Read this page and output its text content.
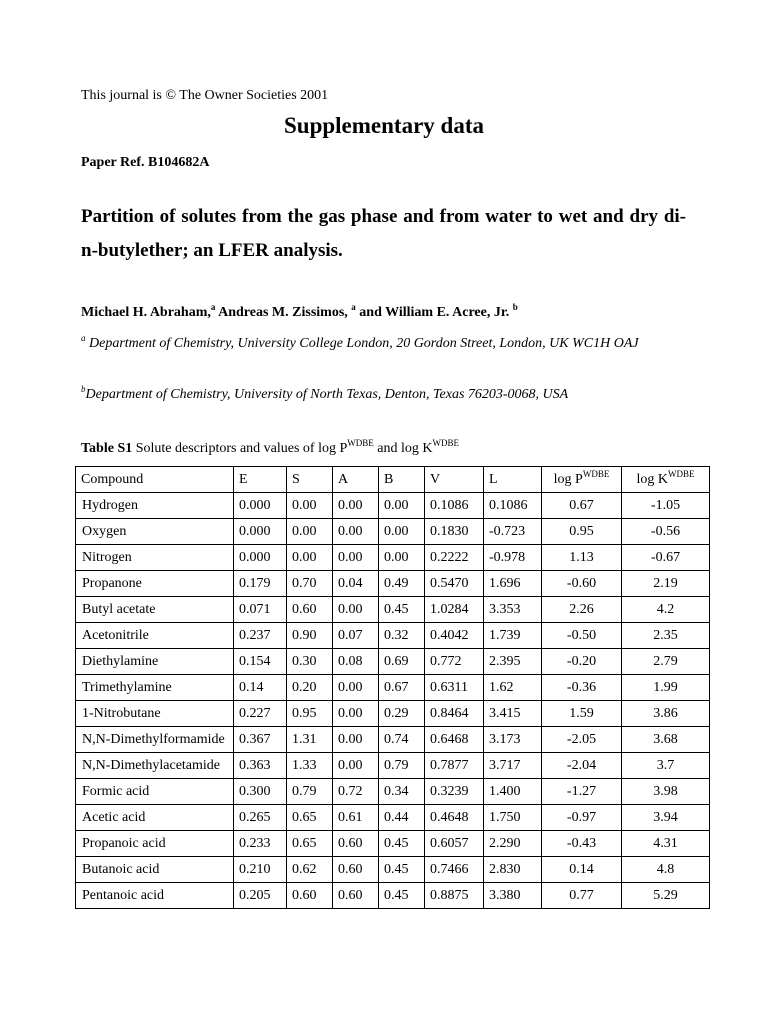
This journal is © The Owner Societies 2001
Supplementary data
Paper Ref. B104682A
Partition of solutes from the gas phase and from water to wet and dry di-n-butylether; an LFER analysis.
Michael H. Abraham,$^a$ Andreas M. Zissimos, $^a$ and William E. Acree, Jr. $^b$
$^a$ Department of Chemistry, University College London, 20 Gordon Street, London, UK WC1H OAJ
$^b$Department of Chemistry, University of North Texas, Denton, Texas 76203-0068, USA
Table S1 Solute descriptors and values of $\log P^{WDBE}$ and $\log K^{WDBE}$
Compound	E	S	A	B	V	L	$\log P^{WDBE}$	$\log K^{WDBE}$
Hydrogen	0.000	0.00	0.00	0.00	0.1086	0.1086	0.67	-1.05
Oxygen	0.000	0.00	0.00	0.00	0.1830	-0.723	0.95	-0.56
Nitrogen	0.000	0.00	0.00	0.00	0.2222	-0.978	1.13	-0.67
Propanone	0.179	0.70	0.04	0.49	0.5470	1.696	-0.60	2.19
Butyl acetate	0.071	0.60	0.00	0.45	1.0284	3.353	2.26	4.2
Acetonitrile	0.237	0.90	0.07	0.32	0.4042	1.739	-0.50	2.35
Diethylamine	0.154	0.30	0.08	0.69	0.772	2.395	-0.20	2.79
Trimethylamine	0.14	0.20	0.00	0.67	0.6311	1.62	-0.36	1.99
1-Nitrobutane	0.227	0.95	0.00	0.29	0.8464	3.415	1.59	3.86
N,N-Dimethylformamide	0.367	1.31	0.00	0.74	0.6468	3.173	-2.05	3.68
N,N-Dimethylacetamide	0.363	1.33	0.00	0.79	0.7877	3.717	-2.04	3.7
Formic acid	0.300	0.79	0.72	0.34	0.3239	1.400	-1.27	3.98
Acetic acid	0.265	0.65	0.61	0.44	0.4648	1.750	-0.97	3.94
Propanoic acid	0.233	0.65	0.60	0.45	0.6057	2.290	-0.43	4.31
Butanoic acid	0.210	0.62	0.60	0.45	0.7466	2.830	0.14	4.8
Pentanoic acid	0.205	0.60	0.60	0.45	0.8875	3.380	0.77	5.29
